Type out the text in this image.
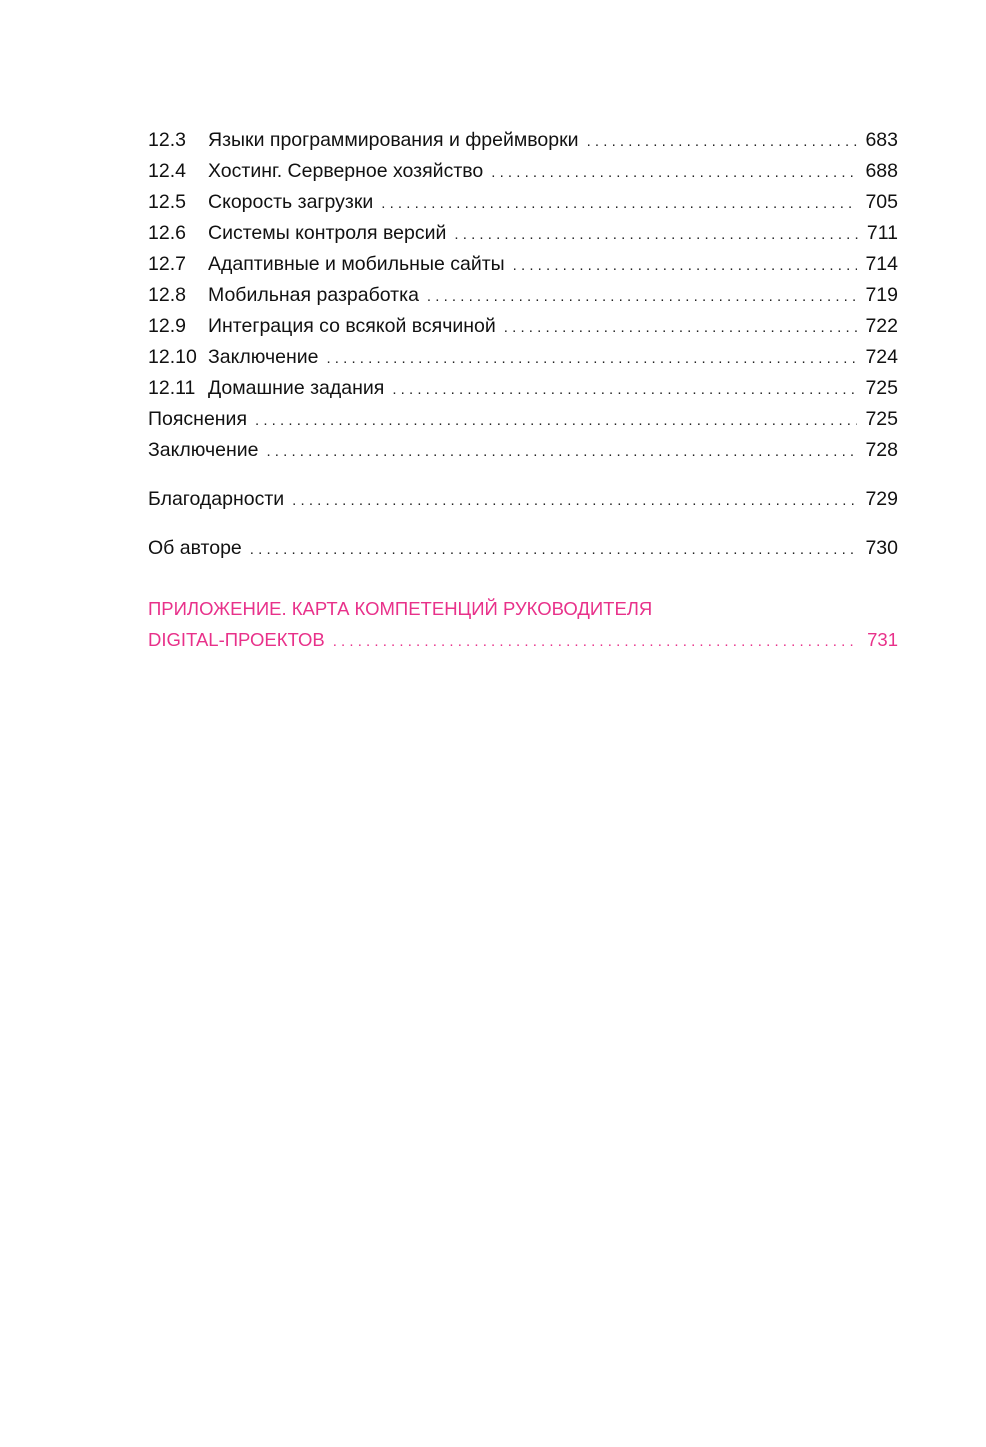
12.3	Языки программирования и фреймворки . . .	683
12.4	Хостинг. Серверное хозяйство . . .	688
12.5	Скорость загрузки . . .	705
12.6	Системы контроля версий . . .	711
12.7	Адаптивные и мобильные сайты . . .	714
12.8	Мобильная разработка . . .	719
12.9	Интеграция со всякой всячиной . . .	722
12.10 Заключение . . .	724
12.11 Домашние задания . . .	725
Пояснения . . .	725
Заключение . . .	728
Благодарности . . .	729
Об авторе . . .	730
ПРИЛОЖЕНИЕ. КАРТА КОМПЕТЕНЦИЙ РУКОВОДИТЕЛЯ
DIGITAL-ПРОЕКТОВ . . .	731
